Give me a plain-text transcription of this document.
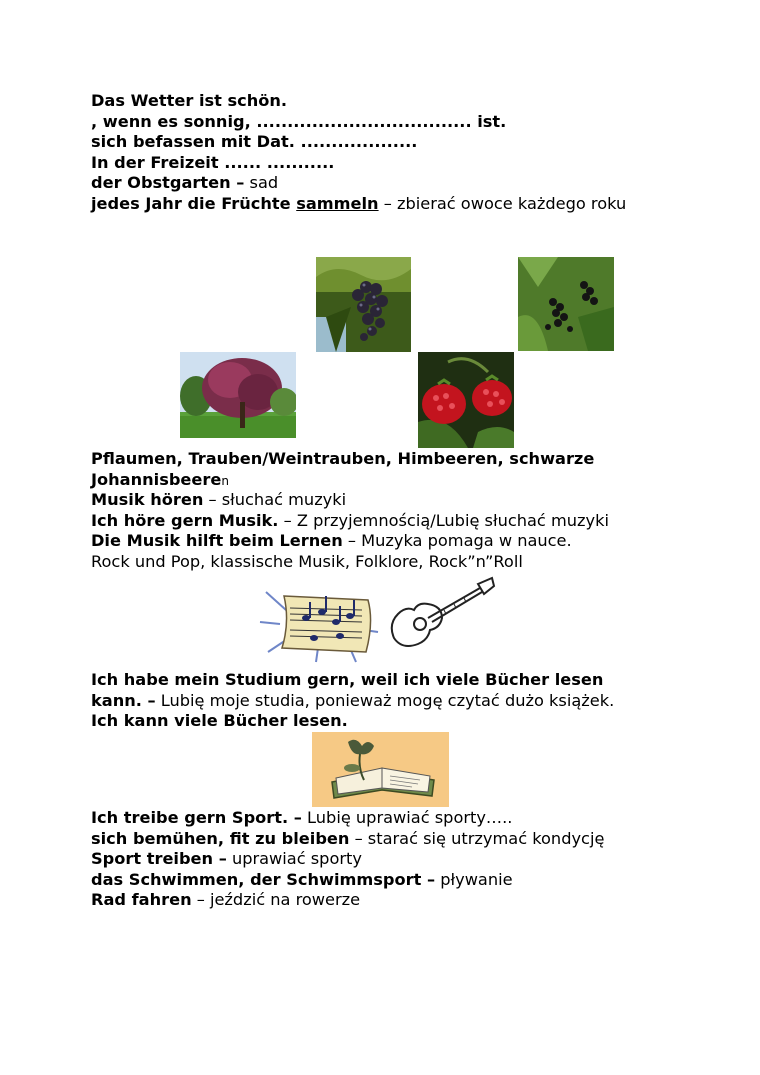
Das Wetter ist schön.
, wenn es sonnig, ................................... ist.
sich befassen mit Dat. ...................
In der Freizeit ...... ...........
der Obstgarten – sad
jedes Jahr die Früchte sammeln – zbierać owoce każdego roku
Pflaumen, Trauben/Weintrauben, Himbeeren, schwarze Johannisbeeren
Musik hören – słuchać muzyki
Ich höre gern Musik. – Z przyjemnością/Lubię słuchać muzyki
Die Musik hilft beim Lernen – Muzyka pomaga w nauce.
Rock und Pop, klassische Musik, Folklore, Rock”n”Roll
Ich habe mein Studium gern, weil ich viele Bücher lesen
kann. – Lubię moje studia, ponieważ mogę czytać dużo książek.
Ich kann viele Bücher lesen.
Ich treibe gern Sport. – Lubię uprawiać sporty…..
sich bemühen, fit zu bleiben – starać się utrzymać kondycję
Sport treiben – uprawiać sporty
das Schwimmen, der Schwimmsport – pływanie
Rad fahren – jeździć na rowerze
